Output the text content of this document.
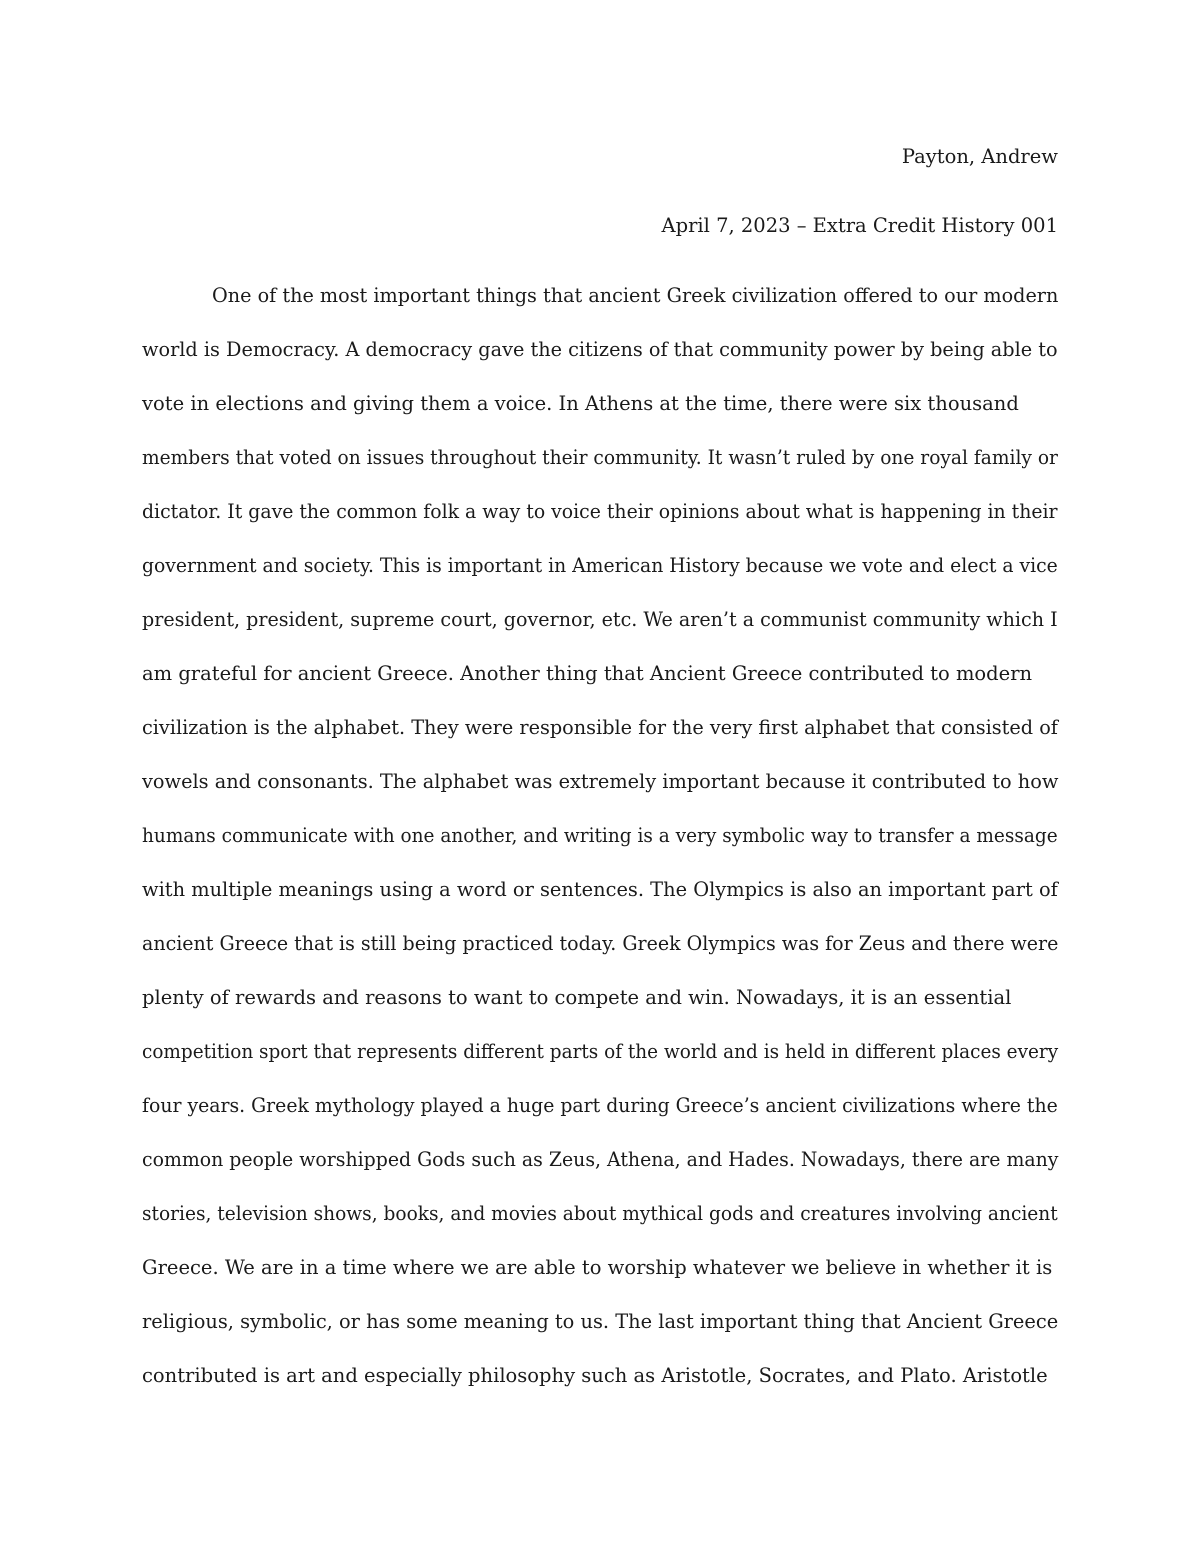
Payton, Andrew
April 7, 2023 – Extra Credit History 001
One of the most important things that ancient Greek civilization offered to our modern
world is Democracy. A democracy gave the citizens of that community power by being able to
vote in elections and giving them a voice. In Athens at the time, there were six thousand
members that voted on issues throughout their community. It wasn’t ruled by one royal family or
dictator. It gave the common folk a way to voice their opinions about what is happening in their
government and society. This is important in American History because we vote and elect a vice
president, president, supreme court, governor, etc. We aren’t a communist community which I
am grateful for ancient Greece. Another thing that Ancient Greece contributed to modern
civilization is the alphabet. They were responsible for the very first alphabet that consisted of
vowels and consonants. The alphabet was extremely important because it contributed to how
humans communicate with one another, and writing is a very symbolic way to transfer a message
with multiple meanings using a word or sentences. The Olympics is also an important part of
ancient Greece that is still being practiced today. Greek Olympics was for Zeus and there were
plenty of rewards and reasons to want to compete and win. Nowadays, it is an essential
competition sport that represents different parts of the world and is held in different places every
four years. Greek mythology played a huge part during Greece’s ancient civilizations where the
common people worshipped Gods such as Zeus, Athena, and Hades. Nowadays, there are many
stories, television shows, books, and movies about mythical gods and creatures involving ancient
Greece. We are in a time where we are able to worship whatever we believe in whether it is
religious, symbolic, or has some meaning to us. The last important thing that Ancient Greece
contributed is art and especially philosophy such as Aristotle, Socrates, and Plato. Aristotle
